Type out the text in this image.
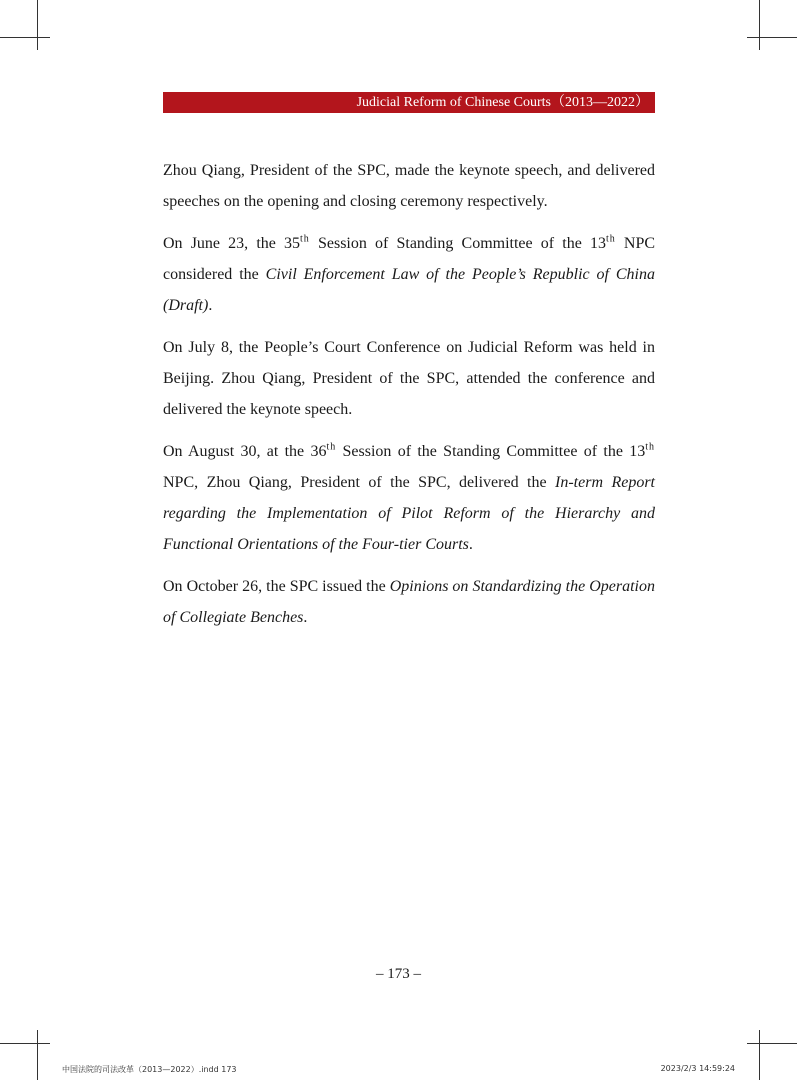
Judicial Reform of Chinese Courts（2013—2022）

Zhou Qiang, President of the SPC, made the keynote speech, and delivered speeches on the opening and closing ceremony respectively.

On June 23, the 35th Session of Standing Committee of the 13th NPC considered the Civil Enforcement Law of the People’s Republic of China (Draft).

On July 8, the People’s Court Conference on Judicial Reform was held in Beijing. Zhou Qiang, President of the SPC, attended the conference and delivered the keynote speech.

On August 30, at the 36th Session of the Standing Committee of the 13th NPC, Zhou Qiang, President of the SPC, delivered the In-term Report regarding the Implementation of Pilot Reform of the Hierarchy and Functional Orientations of the Four-tier Courts.

On October 26, the SPC issued the Opinions on Standardizing the Operation of Collegiate Benches.

– 173 –
中国法院的司法改革（2013—2022）.indd 173	2023/2/3 14:59:24
